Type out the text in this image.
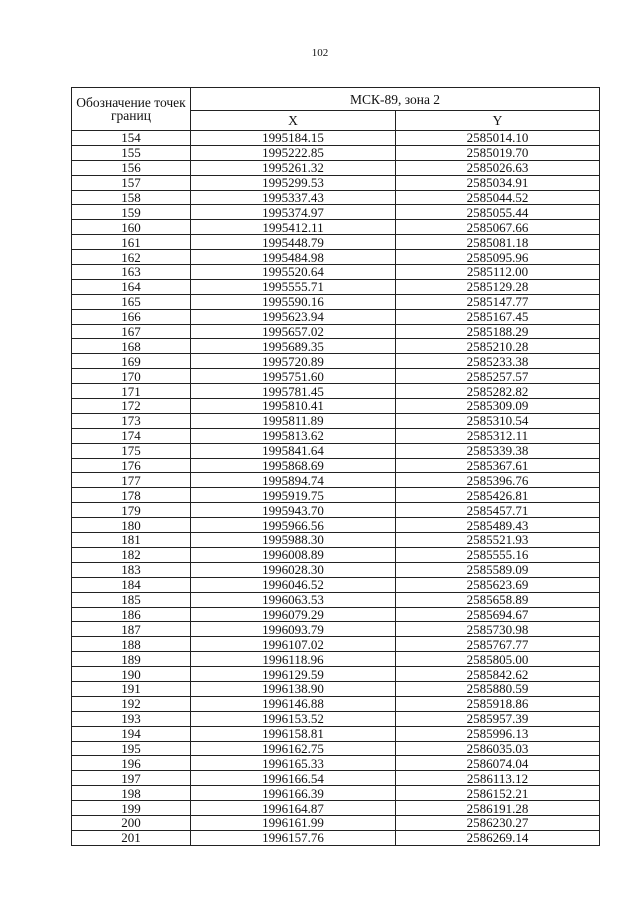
102
Обозначение точек границ	МСК-89, зона 2	
	X	Y
154	1995184.15	2585014.10
155	1995222.85	2585019.70
156	1995261.32	2585026.63
157	1995299.53	2585034.91
158	1995337.43	2585044.52
159	1995374.97	2585055.44
160	1995412.11	2585067.66
161	1995448.79	2585081.18
162	1995484.98	2585095.96
163	1995520.64	2585112.00
164	1995555.71	2585129.28
165	1995590.16	2585147.77
166	1995623.94	2585167.45
167	1995657.02	2585188.29
168	1995689.35	2585210.28
169	1995720.89	2585233.38
170	1995751.60	2585257.57
171	1995781.45	2585282.82
172	1995810.41	2585309.09
173	1995811.89	2585310.54
174	1995813.62	2585312.11
175	1995841.64	2585339.38
176	1995868.69	2585367.61
177	1995894.74	2585396.76
178	1995919.75	2585426.81
179	1995943.70	2585457.71
180	1995966.56	2585489.43
181	1995988.30	2585521.93
182	1996008.89	2585555.16
183	1996028.30	2585589.09
184	1996046.52	2585623.69
185	1996063.53	2585658.89
186	1996079.29	2585694.67
187	1996093.79	2585730.98
188	1996107.02	2585767.77
189	1996118.96	2585805.00
190	1996129.59	2585842.62
191	1996138.90	2585880.59
192	1996146.88	2585918.86
193	1996153.52	2585957.39
194	1996158.81	2585996.13
195	1996162.75	2586035.03
196	1996165.33	2586074.04
197	1996166.54	2586113.12
198	1996166.39	2586152.21
199	1996164.87	2586191.28
200	1996161.99	2586230.27
201	1996157.76	2586269.14
